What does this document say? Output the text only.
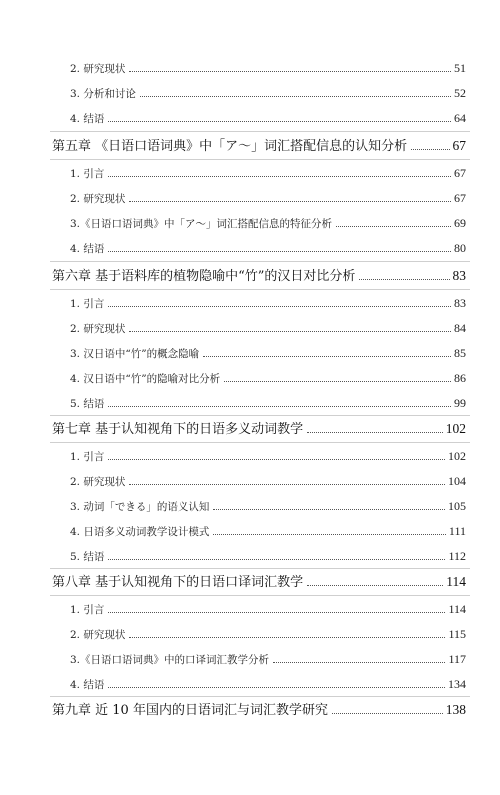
2. 研究现状	51
3. 分析和讨论	52
4. 结语	64
第五章 《日语口语词典》中「ア～」词汇搭配信息的认知分析	67
1. 引言	67
2. 研究现状	67
3.《日语口语词典》中「ア～」词汇搭配信息的特征分析	69
4. 结语	80
第六章 基于语料库的植物隐喻中“竹”的汉日对比分析	83
1. 引言	83
2. 研究现状	84
3. 汉日语中“竹”的概念隐喻	85
4. 汉日语中“竹”的隐喻对比分析	86
5. 结语	99
第七章 基于认知视角下的日语多义动词教学	102
1. 引言	102
2. 研究现状	104
3. 动词「できる」的语义认知	105
4. 日语多义动词教学设计模式	111
5. 结语	112
第八章 基于认知视角下的日语口译词汇教学	114
1. 引言	114
2. 研究现状	115
3.《日语口语词典》中的口译词汇教学分析	117
4. 结语	134
第九章 近 10 年国内的日语词汇与词汇教学研究	138
